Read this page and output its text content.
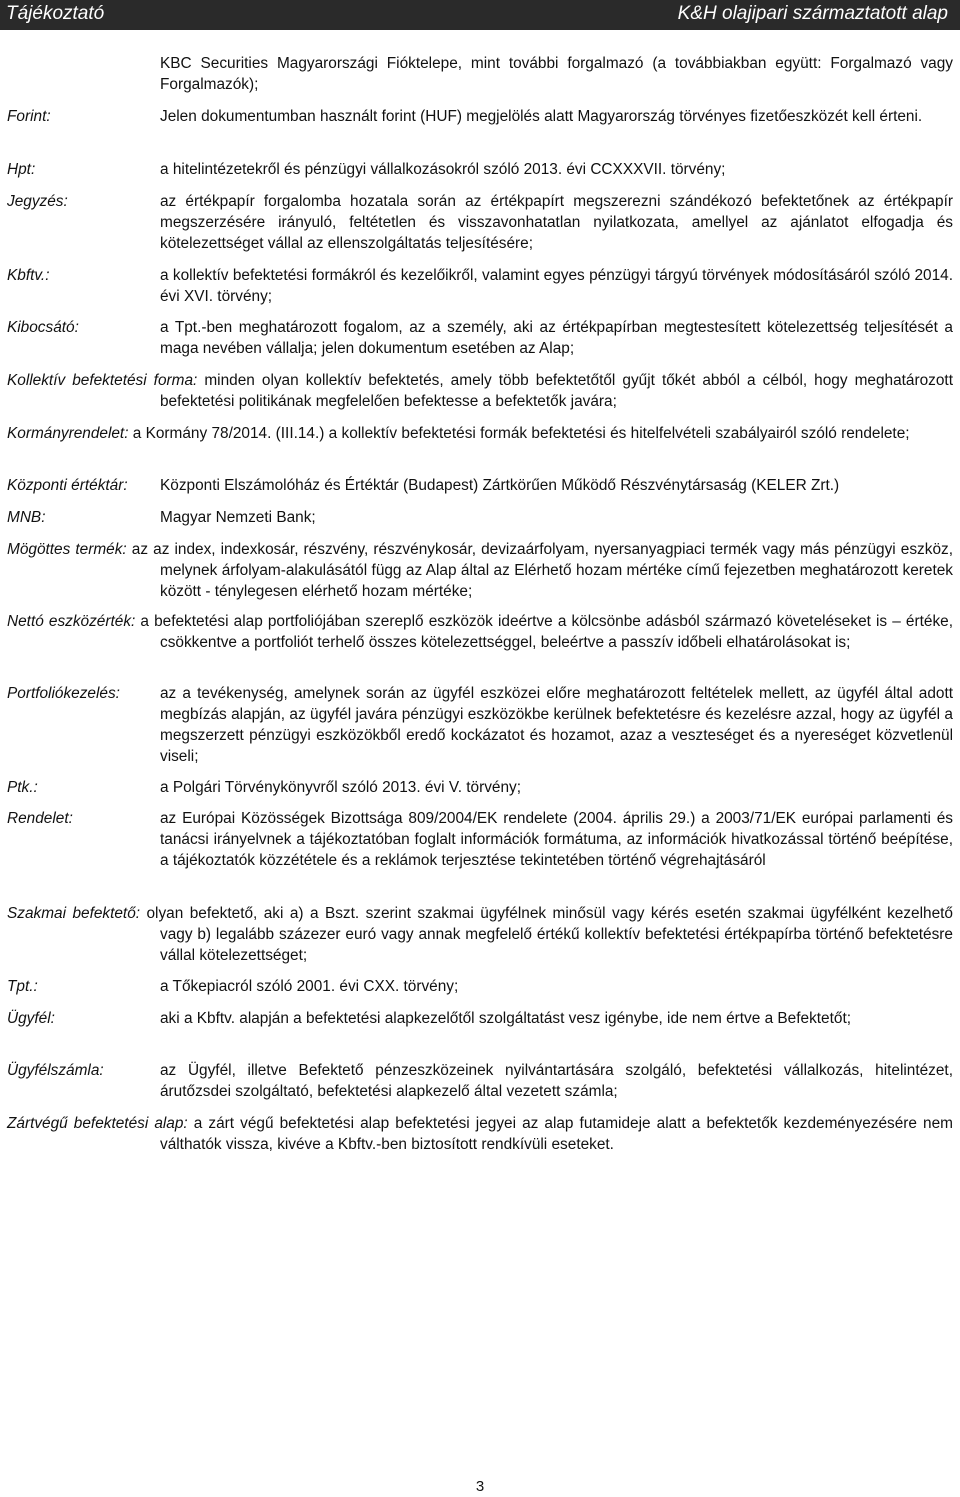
Tájékoztató	K&H olajipari származtatott alap
KBC Securities Magyarországi Fióktelepe, mint további forgalmazó (a továbbiakban együtt: Forgalmazó vagy Forgalmazók);
Forint:	Jelen dokumentumban használt forint (HUF) megjelölés alatt Magyarország törvényes fizetőeszközét kell érteni.
Hpt:	a hitelintézetekről és pénzügyi vállalkozásokról szóló 2013. évi CCXXXVII. törvény;
Jegyzés:	az értékpapír forgalomba hozatala során az értékpapírt megszerezni szándékozó befektetőnek az értékpapír megszerzésére irányuló, feltétetlen és visszavonhatatlan nyilatkozata, amellyel az ajánlatot elfogadja és kötelezettséget vállal az ellenszolgáltatás teljesítésére;
Kbftv.:	a kollektív befektetési formákról és kezelőikről, valamint egyes pénzügyi tárgyú törvények módosításáról szóló 2014. évi XVI. törvény;
Kibocsátó:	a Tpt.-ben meghatározott fogalom, az a személy, aki az értékpapírban megtestesített kötelezettség teljesítését a maga nevében vállalja; jelen dokumentum esetében az Alap;

Kollektív befektetési forma: minden olyan kollektív befektetés, amely több befektetőtől gyűjt tőkét abból a célból, hogy meghatározott befektetési politikának megfelelően befektesse a befektetők javára;

Kormányrendelet: a Kormány 78/2014. (III.14.) a kollektív befektetési formák befektetési és hitelfelvételi szabályairól szóló rendelete;

Központi értéktár: Központi Elszámolóház és Értéktár (Budapest) Zártkörűen Működő Részvénytársaság (KELER Zrt.)
MNB:	Magyar Nemzeti Bank;

Mögöttes termék: az az index, indexkosár, részvény, részvénykosár, devizaárfolyam, nyersanyagpiaci termék vagy más pénzügyi eszköz, melynek árfolyam-alakulásától függ az Alap által az Elérhető hozam mértéke című fejezetben meghatározott keretek között - ténylegesen elérhető hozam mértéke;

Nettó eszközérték: a befektetési alap portfoliójában szereplő eszközök ideértve a kölcsönbe adásból származó követeléseket is – értéke, csökkentve a portfoliót terhelő összes kötelezettséggel, beleértve a passzív időbeli elhatárolásokat is;

Portfoliókezelés:	az a tevékenység, amelynek során az ügyfél eszközei előre meghatározott feltételek mellett, az ügyfél által adott megbízás alapján, az ügyfél javára pénzügyi eszközökbe kerülnek befektetésre és kezelésre azzal, hogy az ügyfél a megszerzett pénzügyi eszközökből eredő kockázatot és hozamot, azaz a veszteséget és a nyereséget közvetlenül viseli;
Ptk.:	a Polgári Törvénykönyvről szóló 2013. évi V. törvény;
Rendelet:	az Európai Közösségek Bizottsága 809/2004/EK rendelete (2004. április 29.) a 2003/71/EK európai parlamenti és tanácsi irányelvnek a tájékoztatóban foglalt információk formátuma, az információk hivatkozással történő beépítése, a tájékoztatók közzététele és a reklámok terjesztése tekintetében történő végrehajtásáról

Szakmai befektető: olyan befektető, aki a) a Bszt. szerint szakmai ügyfélnek minősül vagy kérés esetén szakmai ügyfélként kezelhető vagy b) legalább százezer euró vagy annak megfelelő értékű kollektív befektetési értékpapírba történő befektetésre vállal kötelezettséget;

Tpt.:	a Tőkepiacról szóló 2001. évi CXX. törvény;
Ügyfél:	aki a Kbftv. alapján a befektetési alapkezelőtől szolgáltatást vesz igénybe, ide nem értve a Befektetőt;
Ügyfélszámla:	az Ügyfél, illetve Befektető pénzeszközeinek nyilvántartására szolgáló, befektetési vállalkozás, hitelintézet, árutőzsdei szolgáltató, befektetési alapkezelő által vezetett számla;

Zártvégű befektetési alap: a zárt végű befektetési alap befektetési jegyei az alap futamideje alatt a befektetők kezdeményezésére nem válthatók vissza, kivéve a Kbftv.-ben biztosított rendkívüli eseteket.

3
